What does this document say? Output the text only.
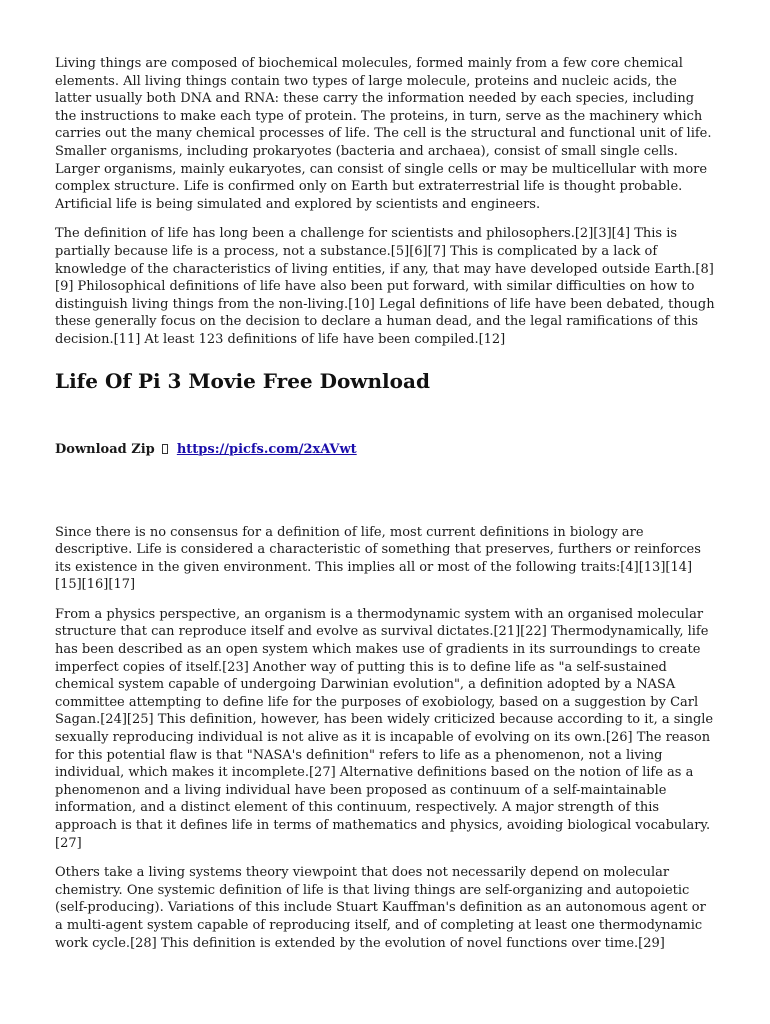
Living things are composed of biochemical molecules, formed mainly from a few core chemical elements. All living things contain two types of large molecule, proteins and nucleic acids, the latter usually both DNA and RNA: these carry the information needed by each species, including the instructions to make each type of protein. The proteins, in turn, serve as the machinery which carries out the many chemical processes of life. The cell is the structural and functional unit of life. Smaller organisms, including prokaryotes (bacteria and archaea), consist of small single cells. Larger organisms, mainly eukaryotes, can consist of single cells or may be multicellular with more complex structure. Life is confirmed only on Earth but extraterrestrial life is thought probable. Artificial life is being simulated and explored by scientists and engineers.

The definition of life has long been a challenge for scientists and philosophers.[2][3][4] This is partially because life is a process, not a substance.[5][6][7] This is complicated by a lack of knowledge of the characteristics of living entities, if any, that may have developed outside Earth.[8][9] Philosophical definitions of life have also been put forward, with similar difficulties on how to distinguish living things from the non-living.[10] Legal definitions of life have been debated, though these generally focus on the decision to declare a human dead, and the legal ramifications of this decision.[11] At least 123 definitions of life have been compiled.[12]

Life Of Pi 3 Movie Free Download
Download Zip https://picfs.com/2xAVwt

Since there is no consensus for a definition of life, most current definitions in biology are descriptive. Life is considered a characteristic of something that preserves, furthers or reinforces its existence in the given environment. This implies all or most of the following traits:[4][13][14][15][16][17]

From a physics perspective, an organism is a thermodynamic system with an organised molecular structure that can reproduce itself and evolve as survival dictates.[21][22] Thermodynamically, life has been described as an open system which makes use of gradients in its surroundings to create imperfect copies of itself.[23] Another way of putting this is to define life as "a self-sustained chemical system capable of undergoing Darwinian evolution", a definition adopted by a NASA committee attempting to define life for the purposes of exobiology, based on a suggestion by Carl Sagan.[24][25] This definition, however, has been widely criticized because according to it, a single sexually reproducing individual is not alive as it is incapable of evolving on its own.[26] The reason for this potential flaw is that "NASA's definition" refers to life as a phenomenon, not a living individual, which makes it incomplete.[27] Alternative definitions based on the notion of life as a phenomenon and a living individual have been proposed as continuum of a self-maintainable information, and a distinct element of this continuum, respectively. A major strength of this approach is that it defines life in terms of mathematics and physics, avoiding biological vocabulary.[27]

Others take a living systems theory viewpoint that does not necessarily depend on molecular chemistry. One systemic definition of life is that living things are self-organizing and autopoietic (self-producing). Variations of this include Stuart Kauffman's definition as an autonomous agent or a multi-agent system capable of reproducing itself, and of completing at least one thermodynamic work cycle.[28] This definition is extended by the evolution of novel functions over time.[29]
